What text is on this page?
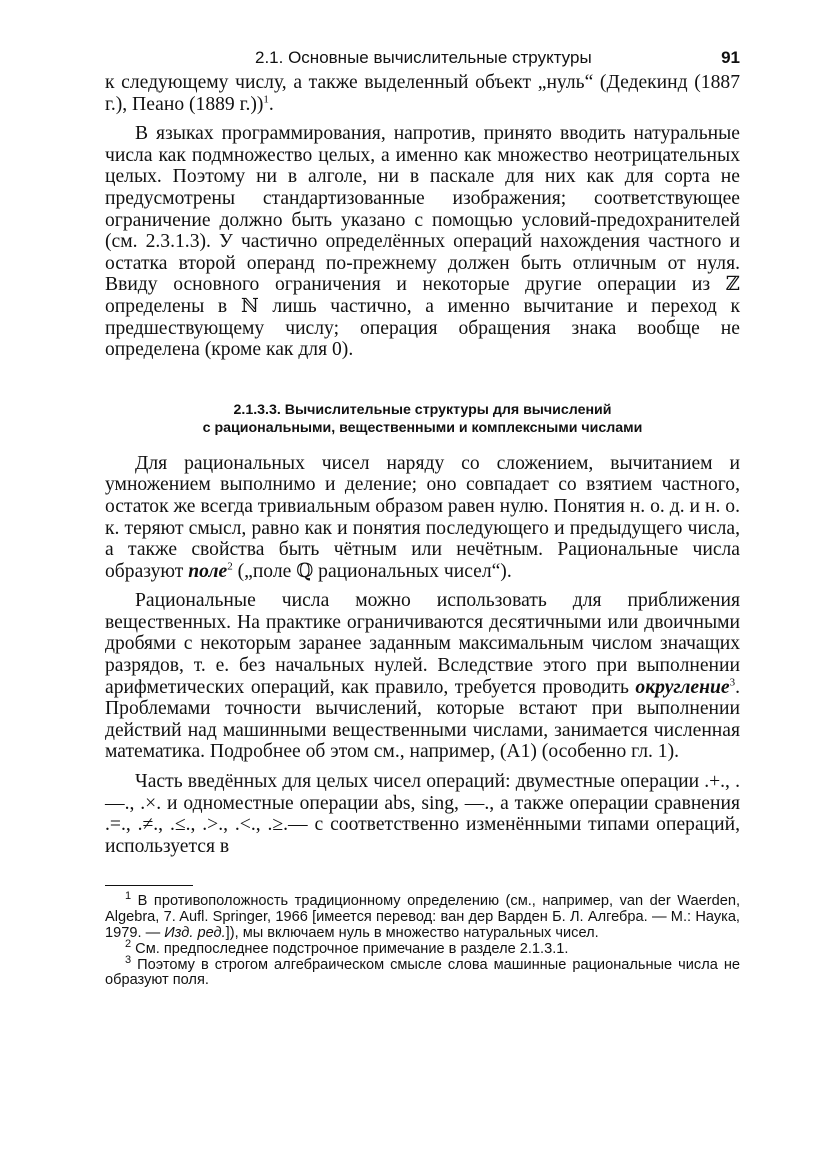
2.1. Основные вычислительные структуры	91

к следующему числу, а также выделенный объект „нуль“ (Дедекинд (1887 г.), Пеано (1889 г.))$^1$.

В языках программирования, напротив, принято вводить натуральные числа как подмножество целых, а именно как множество неотрицательных целых. Поэтому ни в алголе, ни в паскале для них как для сорта не предусмотрены стандартизованные изображения; соответствующее ограничение должно быть указано с помощью условий-предохранителей (см. 2.3.1.3). У частично определённых операций нахождения частного и остатка второй операнд по-прежнему должен быть отличным от нуля. Ввиду основного ограничения и некоторые другие операции из ℤ определены в ℕ лишь частично, а именно вычитание и переход к предшествующему числу; операция обращения знака вообще не определена (кроме как для 0).

2.1.3.3. Вычислительные структуры для вычислений
с рациональными, вещественными и комплексными числами

Для рациональных чисел наряду со сложением, вычитанием и умножением выполнимо и деление; оно совпадает со взятием частного, остаток же всегда тривиальным образом равен нулю. Понятия н. о. д. и н. о. к. теряют смысл, равно как и понятия последующего и предыдущего числа, а также свойства быть чётным или нечётным. Рациональные числа образуют поле$^2$ („поле ℚ рациональных чисел“).

Рациональные числа можно использовать для приближения вещественных. На практике ограничиваются десятичными или двоичными дробями с некоторым заранее заданным максимальным числом значащих разрядов, т. е. без начальных нулей. Вследствие этого при выполнении арифметических операций, как правило, требуется проводить округление$^3$. Проблемами точности вычислений, которые встают при выполнении действий над машинными вещественными числами, занимается численная математика. Подробнее об этом см., например, (A1) (особенно гл. 1).

Часть введённых для целых чисел операций: двуместные операции .+., .—., .×. и одноместные операции abs, sing, —., а также операции сравнения .=., .≠., .≤., .>., .<., .≥.— с соответственно изменёнными типами операций, используется в

$^1$ В противоположность традиционному определению (см., например, van der Waerden, Algebra, 7. Aufl. Springer, 1966 [имеется перевод: ван дер Варден Б. Л. Алгебра. — М.: Наука, 1979. — Изд. ред.]), мы включаем нуль в множество натуральных чисел.

$^2$ См. предпоследнее подстрочное примечание в разделе 2.1.3.1.

$^3$ Поэтому в строгом алгебраическом смысле слова машинные рациональные числа не образуют поля.
